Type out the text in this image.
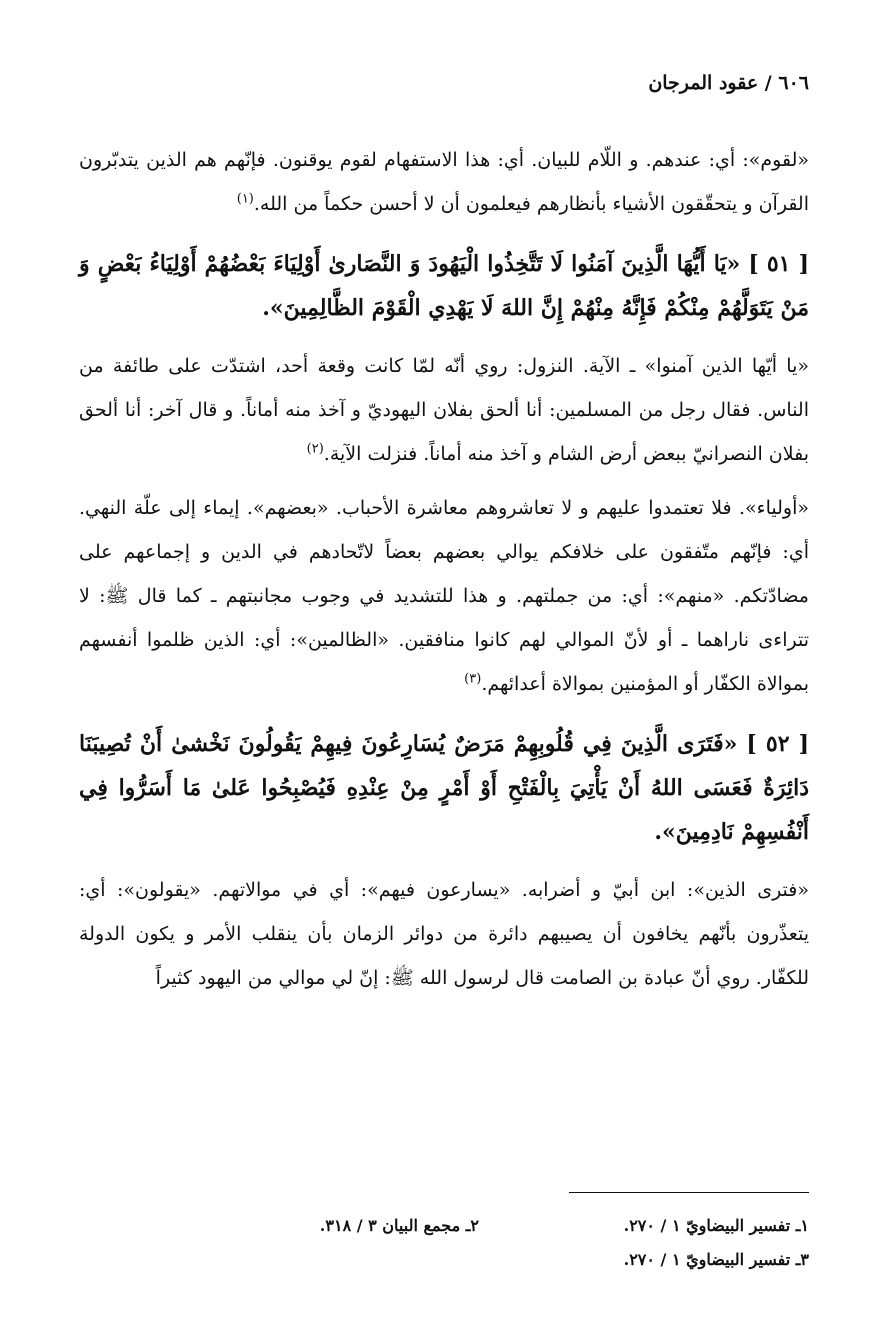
٦٠٦ / عقود المرجان

«لقوم»: أي: عندهم. و اللّام للبيان. أي: هذا الاستفهام لقوم يوقنون. فإنّهم هم الذين يتدبّرون القرآن و يتحقّقون الأشياء بأنظارهم فيعلمون أن لا أحسن حكماً من الله.$^{(١)}$

[ ٥١ ] «يَا أَيُّهَا الَّذِينَ آمَنُوا لَا تَتَّخِذُوا الْيَهُودَ وَ النَّصَارىٰ أَوْلِيَاءَ بَعْضُهُمْ أَوْلِيَاءُ بَعْضٍ وَ مَنْ يَتَوَلَّهُمْ مِنْكُمْ فَإِنَّهُ مِنْهُمْ إِنَّ اللهَ لَا يَهْدِي الْقَوْمَ الظَّالِمِينَ».

«يا أيّها الذين آمنوا» ـ الآية. النزول: روي أنّه لمّا كانت وقعة أحد، اشتدّت على طائفة من الناس. فقال رجل من المسلمين: أنا ألحق بفلان اليهوديّ و آخذ منه أماناً. و قال آخر: أنا ألحق بفلان النصرانيّ ببعض أرض الشام و آخذ منه أماناً. فنزلت الآية.$^{(٢)}$

«أولياء». فلا تعتمدوا عليهم و لا تعاشروهم معاشرة الأحباب. «بعضهم». إيماء إلى علّة النهي. أي: فإنّهم متّفقون على خلافكم يوالي بعضهم بعضاً لاتّحادهم في الدين و إجماعهم على مضادّتكم. «منهم»: أي: من جملتهم. و هذا للتشديد في وجوب مجانبتهم ـ كما قال ﷺ: لا تتراءى ناراهما ـ أو لأنّ الموالي لهم كانوا منافقين. «الظالمين»: أي: الذين ظلموا أنفسهم بموالاة الكفّار أو المؤمنين بموالاة أعدائهم.$^{(٣)}$

[ ٥٢ ] «فَتَرَى الَّذِينَ فِي قُلُوبِهِمْ مَرَضٌ يُسَارِعُونَ فِيهِمْ يَقُولُونَ نَخْشىٰ أَنْ تُصِيبَنَا دَائِرَةٌ فَعَسَى اللهُ أَنْ يَأْتِيَ بِالْفَتْحِ أَوْ أَمْرٍ مِنْ عِنْدِهِ فَيُصْبِحُوا عَلىٰ مَا أَسَرُّوا فِي أَنْفُسِهِمْ نَادِمِينَ».

«فترى الذين»: ابن أبيّ و أضرابه. «يسارعون فيهم»: أي في موالاتهم. «يقولون»: أي: يتعذّرون بأنّهم يخافون أن يصيبهم دائرة من دوائر الزمان بأن ينقلب الأمر و يكون الدولة للكفّار. روي أنّ عبادة بن الصامت قال لرسول الله ﷺ: إنّ لي موالي من اليهود كثيراً

١ـ تفسير البيضاويّ ١ / ٢٧٠.
٢ـ مجمع البيان ٣ / ٣١٨.
٣ـ تفسير البيضاويّ ١ / ٢٧٠.
